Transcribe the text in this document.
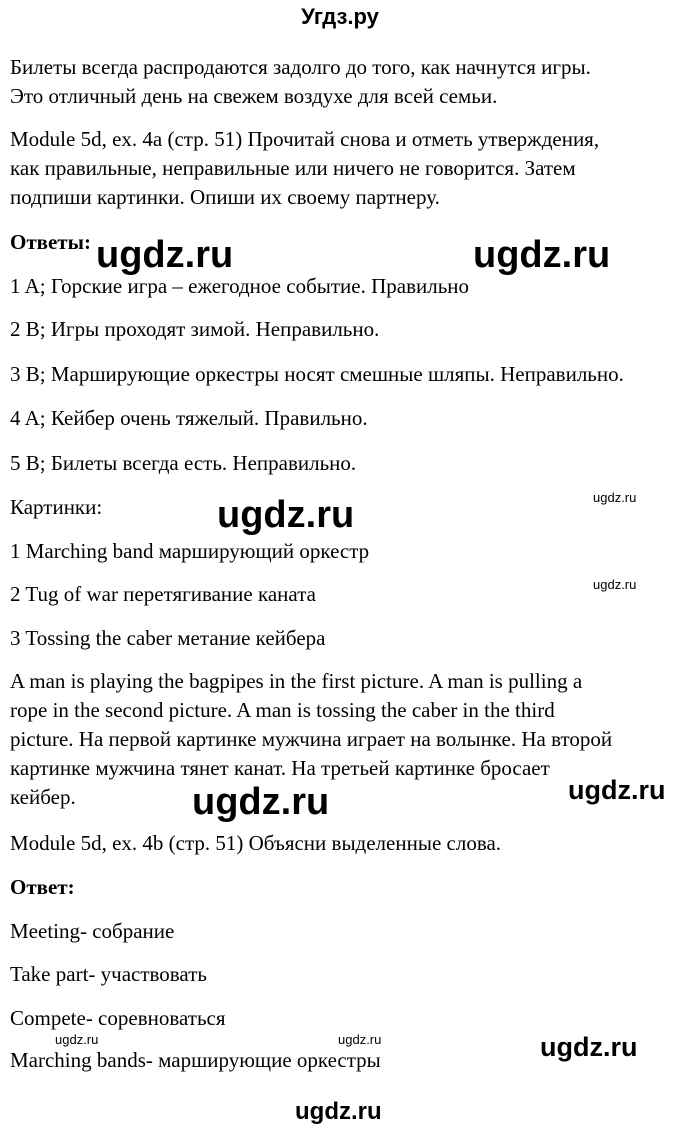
Угдз.ру
Билеты всегда распродаются задолго до того, как начнутся игры.
Это отличный день на свежем воздухе для всей семьи.
Module 5d, ex. 4a (стр. 51) Прочитай снова и отметь утверждения,
как правильные, неправильные или ничего не говорится. Затем
подпиши картинки. Опиши их своему партнеру.
Ответы:
1 A; Горские игра – ежегодное событие. Правильно
2 B; Игры проходят зимой. Неправильно.
3 B; Марширующие оркестры носят смешные шляпы. Неправильно.
4 A; Кейбер очень тяжелый. Правильно.
5 B; Билеты всегда есть. Неправильно.
Картинки:
1 Marching band марширующий оркестр
2 Tug of war перетягивание каната
3 Tossing the caber метание кейбера
A man is playing the bagpipes in the first picture. A man is pulling a
rope in the second picture. A man is tossing the caber in the third
picture. На первой картинке мужчина играет на волынке. На второй
картинке мужчина тянет канат. На третьей картинке бросает
кейбер.
Module 5d, ex. 4b (стр. 51) Объясни выделенные слова.
Ответ:
Meeting- собрание
Take part- участвовать
Compete- соревноваться
Marching bands- марширующие оркестры
ugdz.ru	ugdz.ru
ugdz.ru
ugdz.ru
ugdz.ru
ugdz.ru	ugdz.ru
ugdz.ru	ugdz.ru	ugdz.ru
ugdz.ru
